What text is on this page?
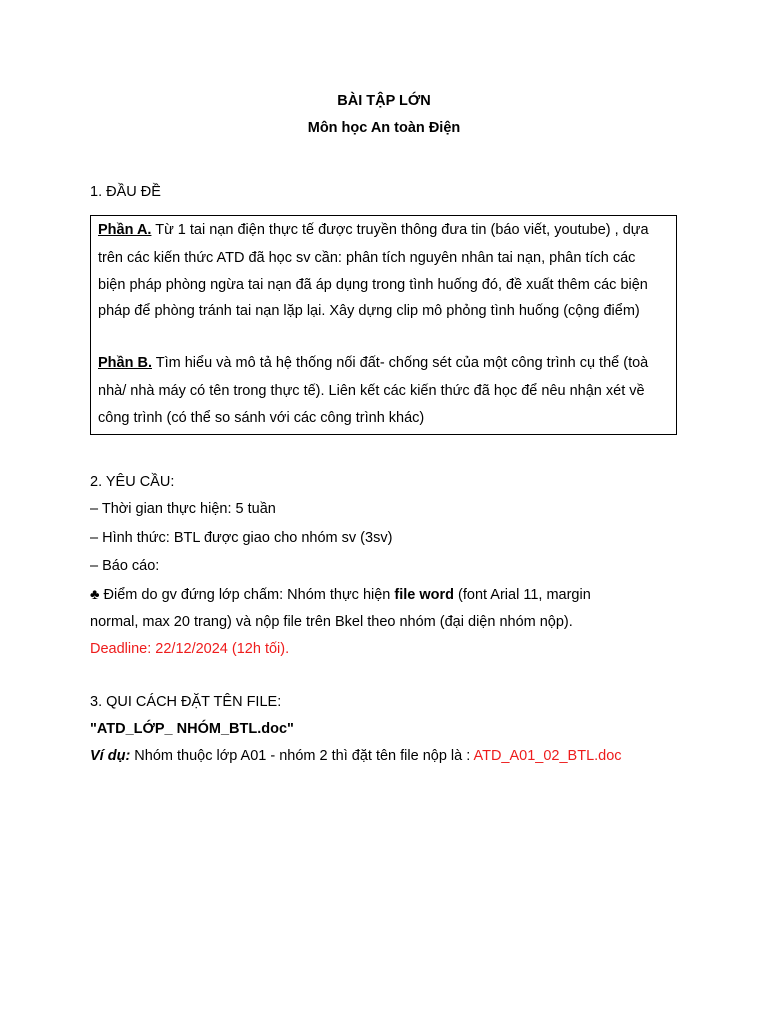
BÀI TẬP LỚN
Môn học An toàn Điện
1. ĐẦU ĐỀ
Phần A. Từ 1 tai nạn điện thực tế được truyền thông đưa tin (báo viết, youtube) , dựa
trên các kiến thức ATD đã học sv cần: phân tích nguyên nhân tai nạn, phân tích các
biện pháp phòng ngừa tai nạn đã áp dụng trong tình huống đó, đề xuất thêm các biện
pháp để phòng tránh tai nạn lặp lại. Xây dựng clip mô phỏng tình huống (cộng điểm)
Phần B. Tìm hiểu và mô tả hệ thống nối đất- chống sét của một công trình cụ thể (toà
nhà/ nhà máy có tên trong thực tế). Liên kết các kiến thức đã học để nêu nhận xét về
công trình (có thể so sánh với các công trình khác)
2. YÊU CẦU:
– Thời gian thực hiện: 5 tuần
– Hình thức: BTL được giao cho nhóm sv (3sv)
– Báo cáo:
♣ Điểm do gv đứng lớp chấm: Nhóm thực hiện file word (font Arial 11, margin
normal, max 20 trang) và nộp file trên Bkel theo nhóm (đại diện nhóm nộp).
Deadline: 22/12/2024 (12h tối).
3. QUI CÁCH ĐẶT TÊN FILE:
"ATD_LỚP_ NHÓM_BTL.doc"
Ví dụ: Nhóm thuộc lớp A01 - nhóm 2 thì đặt tên file nộp là : ATD_A01_02_BTL.doc
